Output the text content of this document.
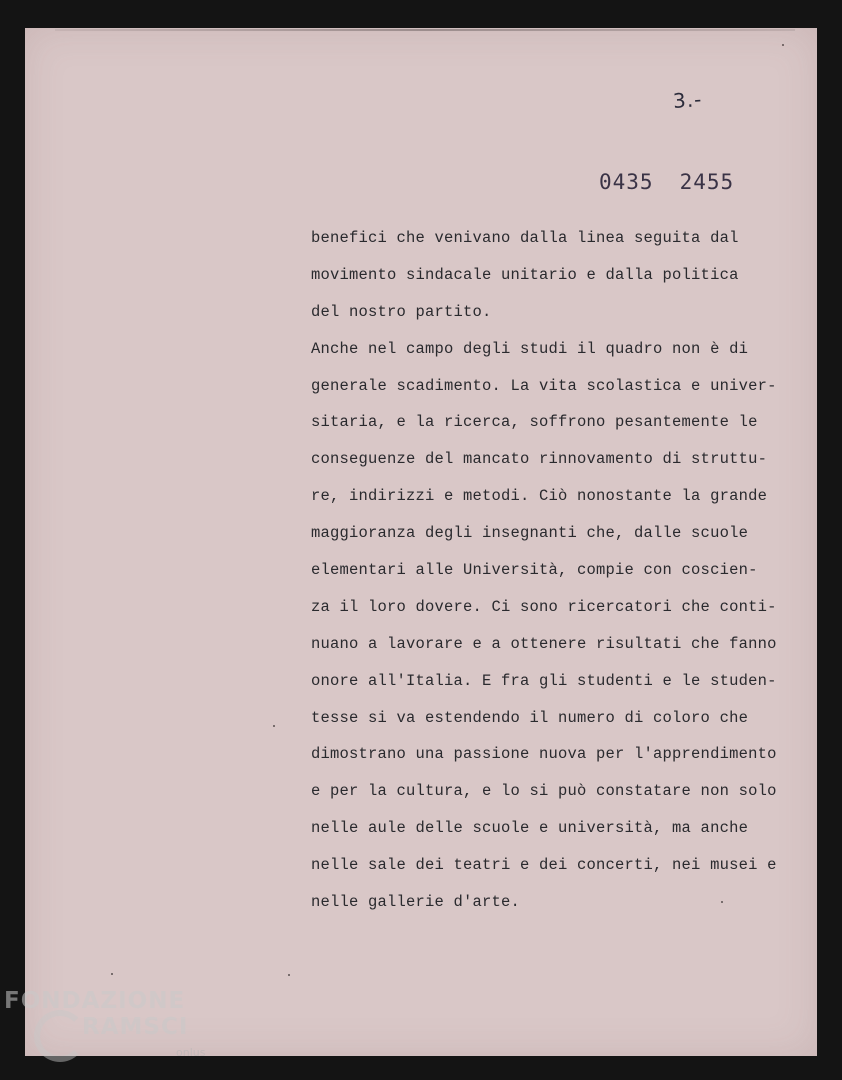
3.-
0435 2455
benefici che venivano dalla linea seguita dal
movimento sindacale unitario e dalla politica
del nostro partito.
Anche nel campo degli studi il quadro non è di
generale scadimento. La vita scolastica e univer-
sitaria, e la ricerca, soffrono pesantemente le
conseguenze del mancato rinnovamento di struttu-
re, indirizzi e metodi. Ciò nonostante la grande
maggioranza degli insegnanti che, dalle scuole
elementari alle Università, compie con coscien-
za il loro dovere. Ci sono ricercatori che conti-
nuano a lavorare e a ottenere risultati che fanno
onore all'Italia. E fra gli studenti e le studen-
tesse si va estendendo il numero di coloro che
dimostrano una passione nuova per l'apprendimento
e per la cultura, e lo si può constatare non solo
nelle aule delle scuole e università, ma anche
nelle sale dei teatri e dei concerti, nei musei e
nelle gallerie d'arte.
FONDAZIONE
RAMSCI
onlus
